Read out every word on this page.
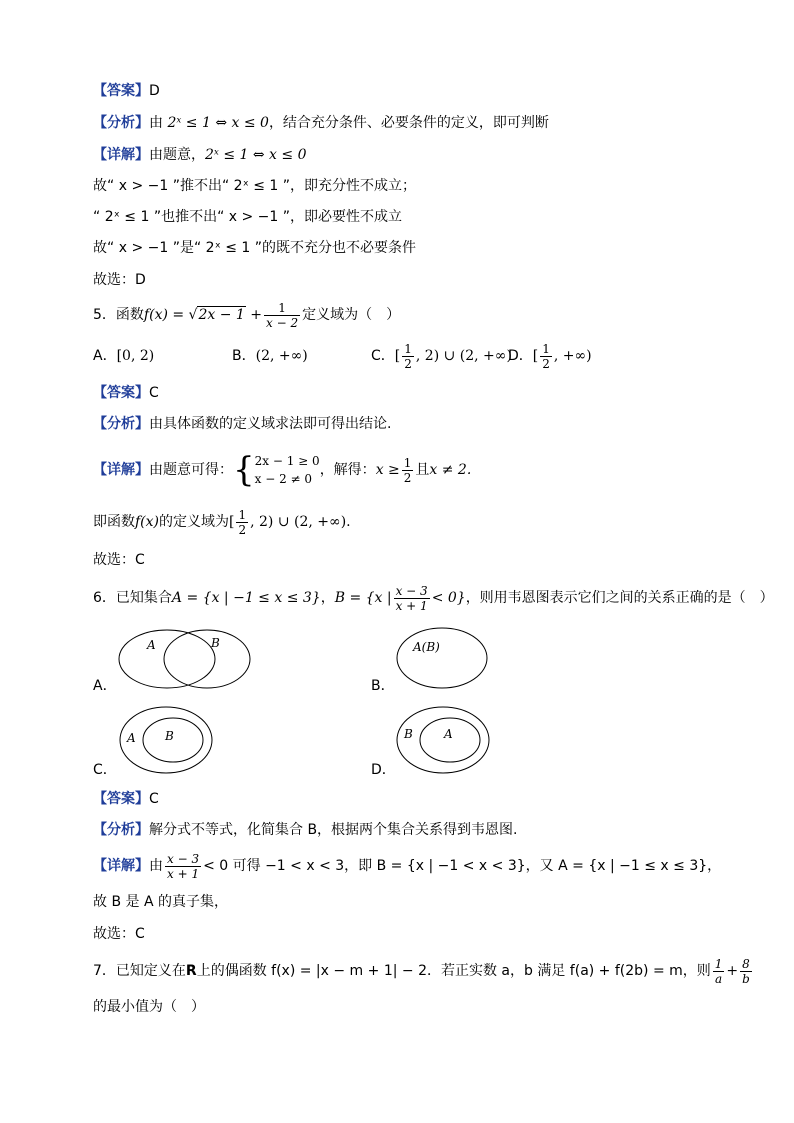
【答案】D
【分析】由 2ˣ ≤ 1 ⇔ x ≤ 0，结合充分条件、必要条件的定义，即可判断
【详解】由题意，2ˣ ≤ 1 ⇔ x ≤ 0
故“ x > −1 ”推不出“ 2ˣ ≤ 1 ”，即充分性不成立；
“ 2ˣ ≤ 1 ”也推不出“ x > −1 ”，即必要性不成立
故“ x > −1 ”是“ 2ˣ ≤ 1 ”的既不充分也不必要条件
故选：D
5．函数$f(x) = √2x - 1 + \frac{1}{x - 2}$ 定义域为（　）
A．[0, 2)	B．(2, +∞)	C．[ $\frac{1}{2}$ , 2) ∪ (2, +∞)
D．[ $\frac{1}{2}$ , +∞)
【答案】C
【分析】由具体函数的定义域求法即可得出结论.
【详解】由题意可得：{ 2x − 1 ≥ 0
x − 2 ≠ 0
，解得：$x \ge \frac{1}{2}$ 且x ≠ 2.
即函数f(x)的定义域为[ $\frac{1}{2}$ , 2) ∪ (2, +∞).
故选：C
6．已知集合A = {x | −1 ≤ x ≤ 3}，B = {x | $\frac{x - 3}{x + 1} < 0$}，则用韦恩图表示它们之间的关系正确的是（　）
A	B
A．
A(B)
B．
A B
C．
B	A
D．
【答案】C
【分析】解分式不等式，化简集合 B，根据两个集合关系得到韦恩图.
【详解】由 $\frac{x - 3}{x + 1} < 0$ 可得 −1 < x < 3，即 B = {x | −1 < x < 3}，又 A = {x | −1 ≤ x ≤ 3}，
故 B 是 A 的真子集，
故选：C
7．已知定义在R上的偶函数 f(x) = |x − m + 1| − 2．若正实数 a，b 满足 f(a) + f(2b) = m，则 $\frac{1}{a} + \frac{8}{b}$
的最小值为（　）
